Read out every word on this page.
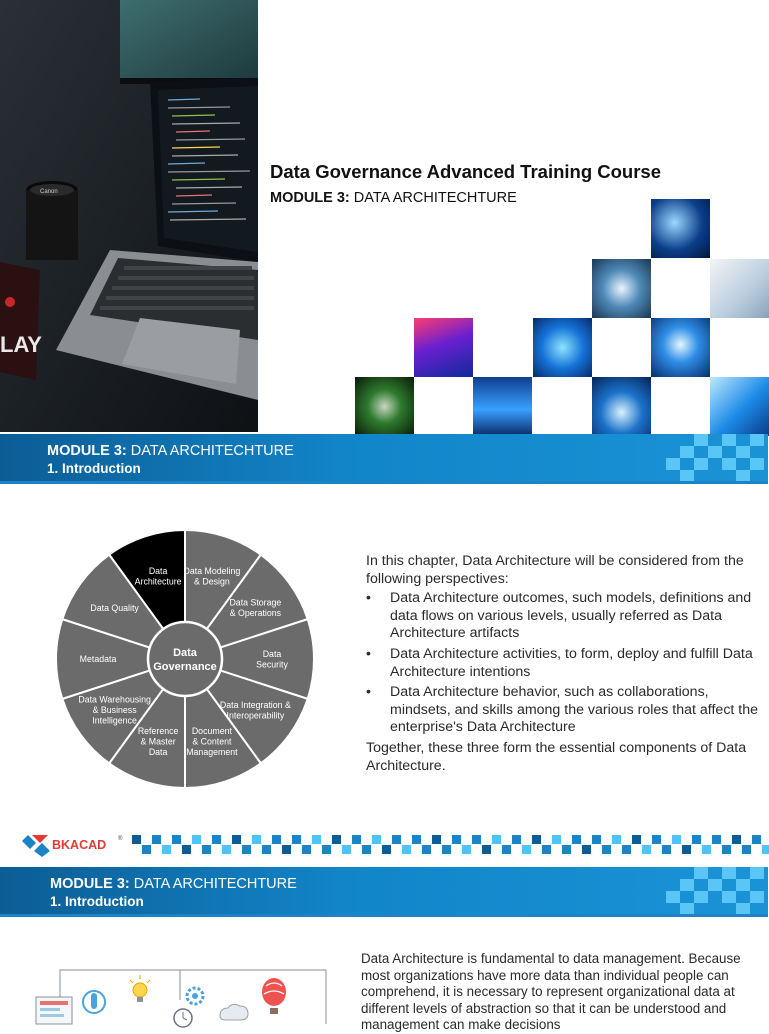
Canon
LAY
Data Governance Advanced Training Course
MODULE 3: DATA ARCHITECHTURE
MODULE 3: DATA ARCHITECHTURE
1. Introduction
Data Architecture
Data Modeling & Design
Data Storage & Operations
Data Security
Data Integration & Interoperability
Document & Content Management
Reference & Master Data
Data Warehousing & Business Intelligence
Metadata
Data Quality
Data
Governance

In this chapter, Data Architecture will be considered from the following perspectives:

• Data Architecture outcomes, such models, definitions and data flows on various levels, usually referred as Data Architecture artifacts
• Data Architecture activities, to form, deploy and fulfill Data Architecture intentions
• Data Architecture behavior, such as collaborations, mindsets, and skills among the various roles that affect the enterprise's Data Architecture

Together, these three form the essential components of Data Architecture.

BKACAD ®
MODULE 3: DATA ARCHITECHTURE
1. Introduction
Data Architecture is fundamental to data management. Because most organizations have more data than individual people can comprehend, it is necessary to represent organizational data at different levels of abstraction so that it can be understood and management can make decisions
